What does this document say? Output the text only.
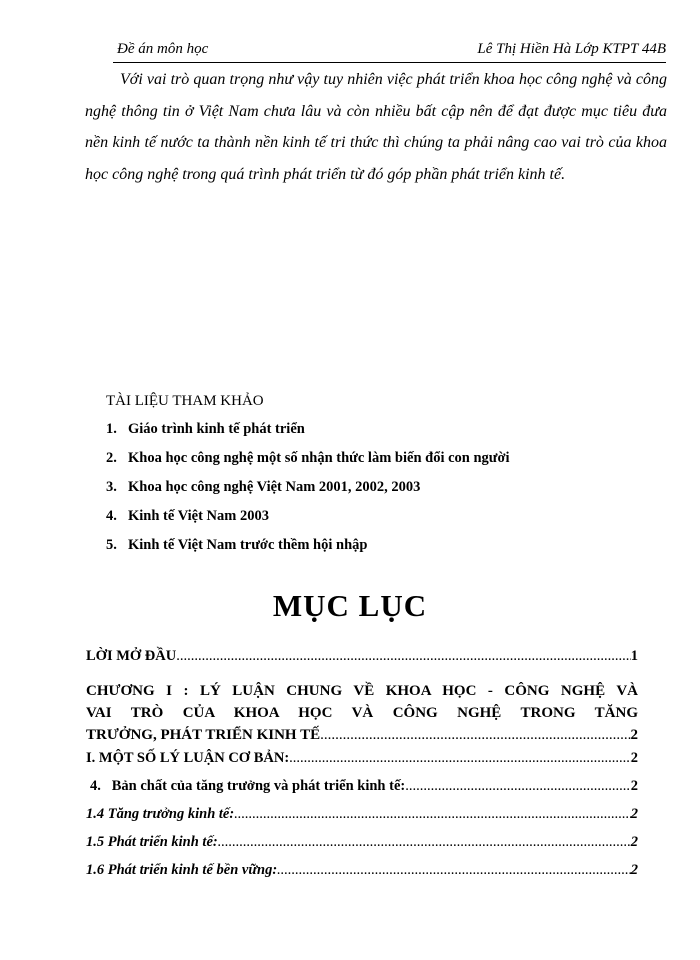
Đề án môn học	Lê Thị Hiền Hà Lớp KTPT 44B
Với vai trò quan trọng như vậy tuy nhiên việc phát triển khoa học công nghệ và công nghệ thông tin ở Việt Nam chưa lâu và còn nhiều bất cập nên để đạt được mục tiêu đưa nền kinh tế nước ta thành nền kinh tế tri thức thì chúng ta phải nâng cao vai trò của khoa học công nghệ trong quá trình phát triển từ đó góp phần phát triển kinh tế.
TÀI LIỆU THAM KHẢO
1. Giáo trình kinh tế phát triển
2. Khoa học công nghệ một số nhận thức làm biến đổi con người
3. Khoa học công nghệ Việt Nam 2001, 2002, 2003
4. Kinh tế Việt Nam 2003
5. Kinh tế Việt Nam trước thềm hội nhập
MỤC LỤC
LỜI MỞ ĐẦU .....	1
CHƯƠNG I : LÝ LUẬN CHUNG VỀ KHOA HỌC - CÔNG NGHỆ VÀ
VAI TRÒ CỦA KHOA HỌC VÀ CÔNG NGHỆ TRONG TĂNG
TRƯỞNG, PHÁT TRIỂN KINH TẾ .....	2
I. MỘT SỐ LÝ LUẬN CƠ BẢN: .....	2
4.   Bản chất của tăng trưởng và phát triển kinh tế: .....	2
1.4 Tăng trưởng kinh tế: .....	2
1.5 Phát triển kinh tế: .....	2
1.6 Phát triển kinh tế bền vững: .....	2
